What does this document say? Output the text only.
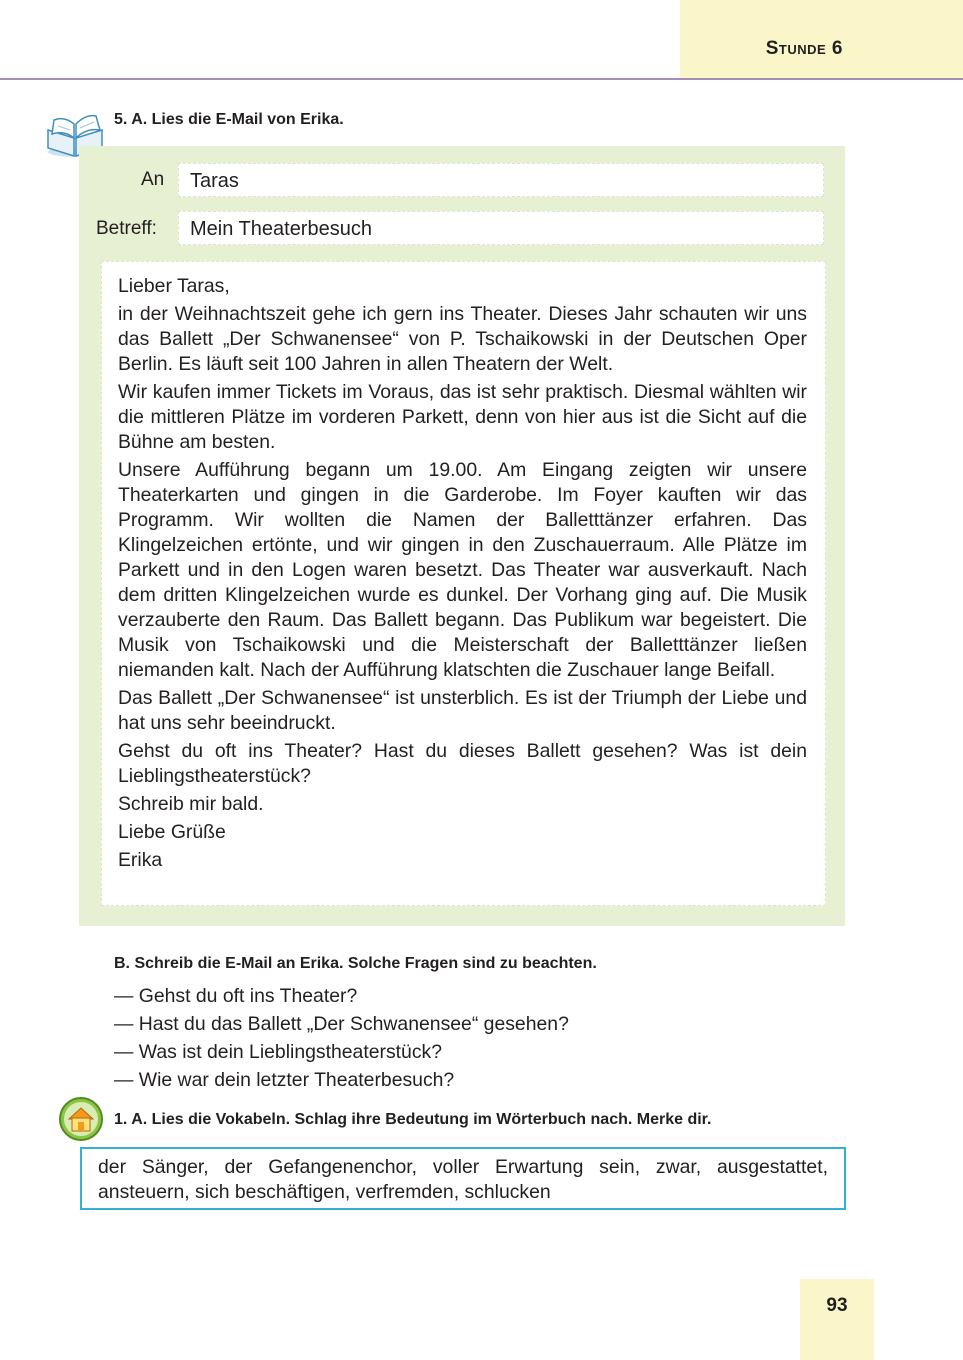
Stunde 6
5. A. Lies die E-Mail von Erika.
An	Taras
Betreff:	Mein Theaterbesuch

Lieber Taras,

in der Weihnachtszeit gehe ich gern ins Theater. Dieses Jahr schauten wir uns das Ballett „Der Schwanensee“ von P. Tschaikowski in der Deutschen Oper Berlin. Es läuft seit 100 Jahren in allen Theatern der Welt.

Wir kaufen immer Tickets im Voraus, das ist sehr praktisch. Diesmal wählten wir die mittleren Plätze im vorderen Parkett, denn von hier aus ist die Sicht auf die Bühne am besten.

Unsere Aufführung begann um 19.00. Am Eingang zeigten wir unsere Theaterkarten und gingen in die Garderobe. Im Foyer kauften wir das Programm. Wir wollten die Namen der Balletttänzer erfahren. Das Klingelzeichen ertönte, und wir gingen in den Zuschauerraum. Alle Plätze im Parkett und in den Logen waren besetzt. Das Theater war ausverkauft. Nach dem dritten Klingelzeichen wurde es dunkel. Der Vorhang ging auf. Die Musik verzauberte den Raum. Das Ballett begann. Das Publikum war begeistert. Die Musik von Tschaikowski und die Meisterschaft der Balletttänzer ließen niemanden kalt. Nach der Aufführung klatschten die Zuschauer lange Beifall.

Das Ballett „Der Schwanensee“ ist unsterblich. Es ist der Triumph der Liebe und hat uns sehr beeindruckt.

Gehst du oft ins Theater? Hast du dieses Ballett gesehen? Was ist dein Lieblingstheaterstück?

Schreib mir bald.

Liebe Grüße

Erika

B. Schreib die E-Mail an Erika. Solche Fragen sind zu beachten.
— Gehst du oft ins Theater?
— Hast du das Ballett „Der Schwanensee“ gesehen?
— Was ist dein Lieblingstheaterstück?
— Wie war dein letzter Theaterbesuch?
1. A. Lies die Vokabeln. Schlag ihre Bedeutung im Wörterbuch nach. Merke dir.
der Sänger, der Gefangenenchor, voller Erwartung sein, zwar, ausgestattet, ansteuern, sich beschäftigen, verfremden, schlucken
93
